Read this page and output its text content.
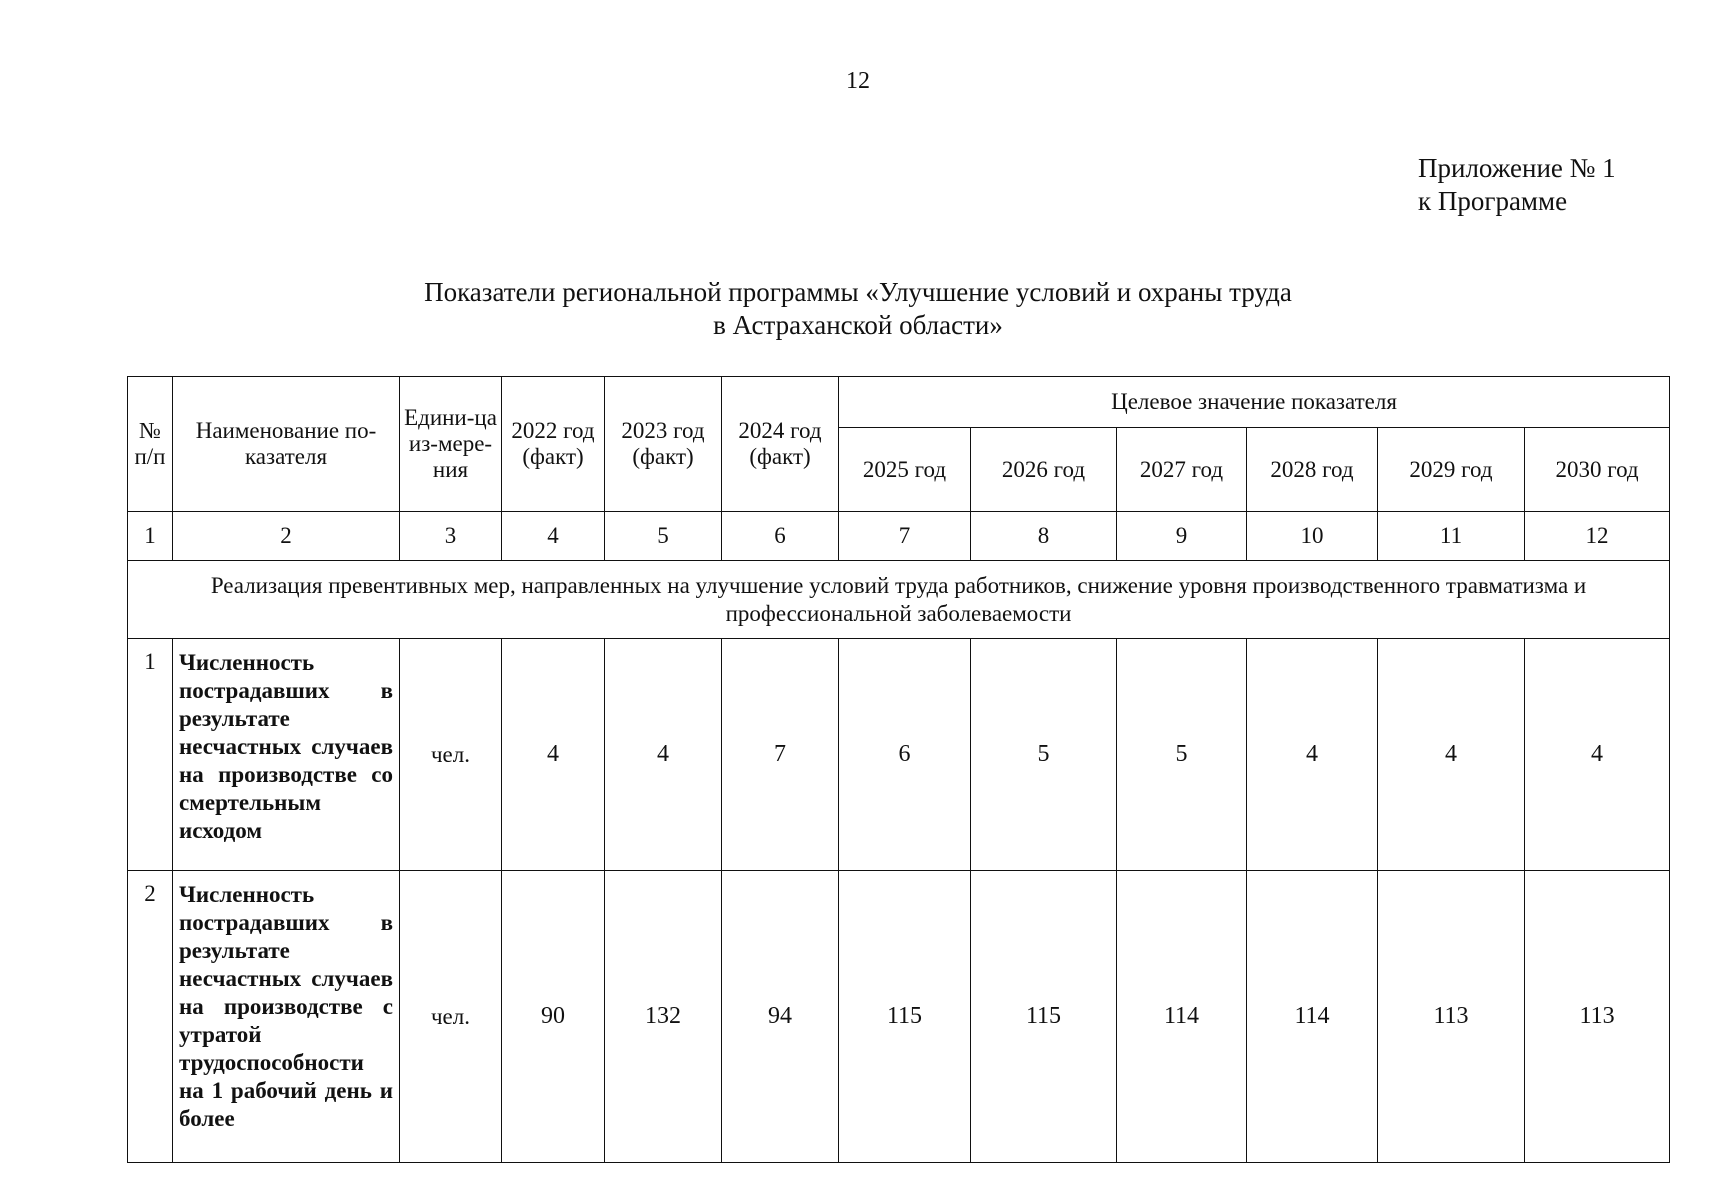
12
Приложение № 1
к Программе
Показатели региональной программы «Улучшение условий и охраны труда
в Астраханской области»
№ п/п	Наименование по-казателя	Едини-ца из-мере-ния	2022 год (факт)	2023 год (факт)	2024 год (факт)	Целевое значение показателя					
						2025 год	2026 год	2027 год	2028 год	2029 год	2030 год
1	2	3	4	5	6	7	8	9	10	11	12
Реализация превентивных мер, направленных на улучшение условий труда работников, снижение уровня производственного травматизма и профессиональной заболеваемости											
1	Численность пострадавших в результате несчастных случаев на производстве со смертельным исходом	чел.	4	4	7	6	5	5	4	4	4
2	Численность пострадавших в результате несчастных случаев на производстве с утратой трудоспособности на 1 рабочий день и более	чел.	90	132	94	115	115	114	114	113	113
